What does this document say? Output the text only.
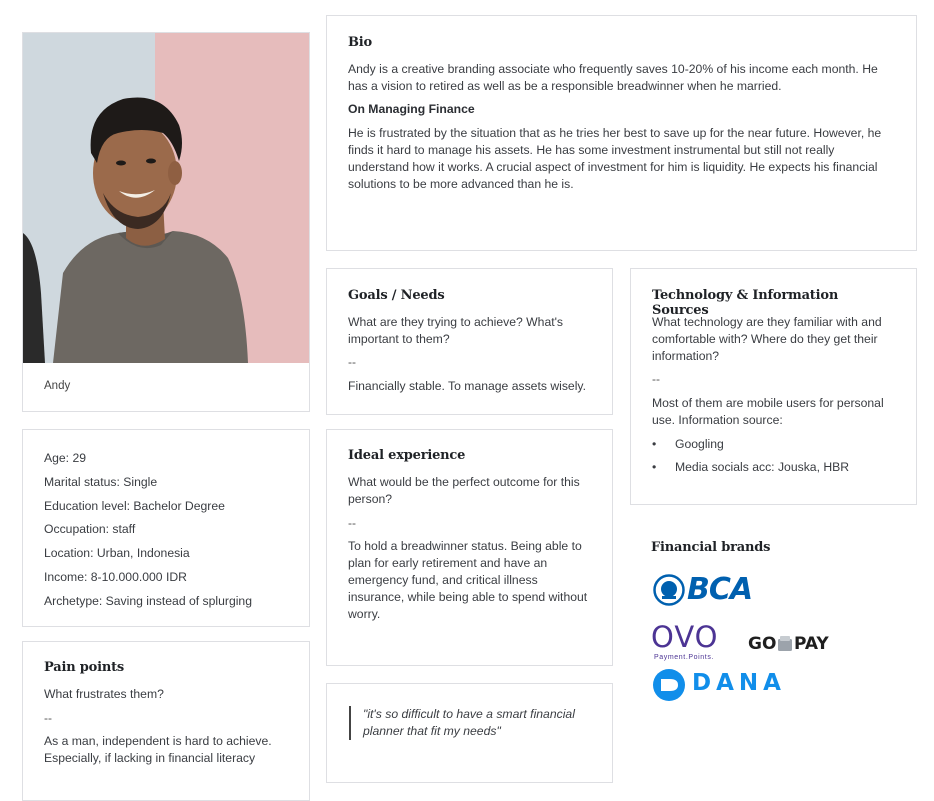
Andy
Age: 29
Marital status: Single
Education level: Bachelor Degree
Occupation: staff
Location: Urban, Indonesia
Income: 8-10.000.000 IDR
Archetype: Saving instead of splurging

Pain points

What frustrates them?

--

As a man, independent is hard to achieve. Especially, if lacking in financial literacy

Bio

Andy is a creative branding associate who frequently saves 10-20% of his income each month. He has a vision to retired as well as be a responsible breadwinner when he married.

On Managing Finance

He is frustrated by the situation that as he tries her best to save up for the near future. However, he finds it hard to manage his assets. He has some investment instrumental but still not really understand how it works. A crucial aspect of investment for him is liquidity. He expects his financial solutions to be more advanced than he is.

Goals / Needs

What are they trying to achieve? What's important to them?

--

Financially stable. To manage assets wisely.

Technology & Information Sources

What technology are they familiar with and comfortable with? Where do they get their information?

--

Most of them are mobile users for personal use. Information source:

• Googling
• Media socials acc: Jouska, HBR

Ideal experience

What would be the perfect outcome for this person?

--

To hold a breadwinner status. Being able to plan for early retirement and have an emergency fund, and critical illness insurance, while being able to spend without worry.

"it's so difficult to have a smart financial planner that fit my needs"

Financial brands

BCA
OVO
Payment.Points.
GO PAY
DANA
